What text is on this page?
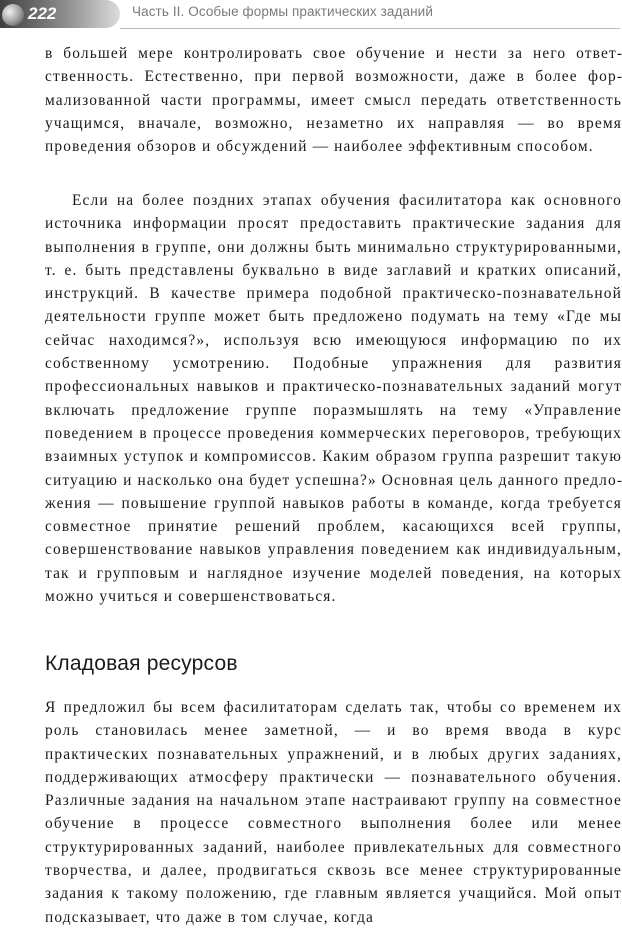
222	Часть II. Особые формы практических заданий

в большей мере контролировать свое обучение и нести за него ответственность. Естественно, при первой возможности, даже в более формализованной части программы, имеет смысл передать ответственность учащимся, вначале, возможно, незаметно их направляя — во время проведения обзоров и обсуждений — наиболее эффективным способом.

Если на более поздних этапах обучения фасилитатора как основного источника информации просят предоставить практические задания для выполнения в группе, они должны быть минимально структурированными, т. е. быть представлены буквально в виде заглавий и кратких описаний, инструкций. В качестве примера подобной практическо-познавательной деятельности группе может быть предложено подумать на тему «Где мы сейчас находимся?», используя всю имеющуюся информацию по их собственному усмотрению. Подобные упражнения для развития профессиональных навыков и практическо-познавательных заданий могут включать предложение группе поразмышлять на тему «Управление поведением в процессе проведения коммерческих переговоров, требующих взаимных уступок и компромиссов. Каким образом группа разрешит такую ситуацию и насколько она будет успешна?» Основная цель данного предложения — повышение группой навыков работы в команде, когда требуется совместное принятие решений проблем, касающихся всей группы, совершенствование навыков управления поведением как индивидуальным, так и групповым и наглядное изучение моделей поведения, на которых можно учиться и совершенствоваться.

Кладовая ресурсов

Я предложил бы всем фасилитаторам сделать так, чтобы со временем их роль становилась менее заметной, — и во время ввода в курс практических познавательных упражнений, и в любых других заданиях, поддерживающих атмосферу практически — познавательного обучения. Различные задания на начальном этапе настраивают группу на совместное обучение в процессе совместного выполнения более или менее структурированных заданий, наиболее привлекательных для совместного творчества, и далее, продвигаться сквозь все менее структурированные задания к такому положению, где главным является учащийся. Мой опыт подсказывает, что даже в том случае, когда
